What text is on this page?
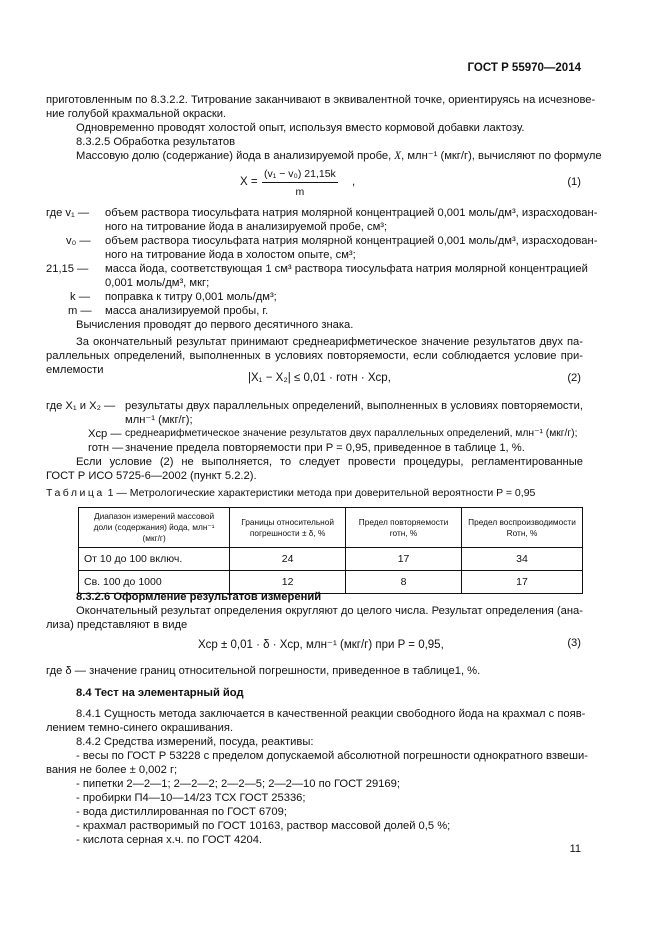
ГОСТ Р 55970—2014
приготовленным по 8.3.2.2. Титрование заканчивают в эквивалентной точке, ориентируясь на исчезнове-
ние голубой крахмальной окраски.
Одновременно проводят холостой опыт, используя вместо кормовой добавки лактозу.
8.3.2.5 Обработка результатов
Массовую долю (содержание) йода в анализируемой пробе, X, млн⁻¹ (мкг/г), вычисляют по формуле
$X = \frac{\text{(v₁ − v₀) 21,15k}}{m}$ ,	(1)
где v₁ — объем раствора тиосульфата натрия молярной концентрацией 0,001 моль/дм³, израсходован-
ного на титрование йода в анализируемой пробе, см³;
v₀ — объем раствора тиосульфата натрия молярной концентрацией 0,001 моль/дм³, израсходован-
ного на титрование йода в холостом опыте, см³;
21,15 — масса йода, соответствующая 1 см³ раствора тиосульфата натрия молярной концентрацией
0,001 моль/дм³, мкг;
k — поправка к титру 0,001 моль/дм³;
m — масса анализируемой пробы, г.
Вычисления проводят до первого десятичного знака.
За окончательный результат принимают среднеарифметическое значение результатов двух па-
раллельных определений, выполненных в условиях повторяемости, если соблюдается условие при-
емлемости
|X₁ − X₂| ≤ 0,01 · rотн · Xср,	(2)
где X₁ и X₂ — результаты двух параллельных определений, выполненных в условиях повторяемости,
млн⁻¹ (мкг/г);
Xср — среднеарифметическое значение результатов двух параллельных определений, млн⁻¹ (мкг/г);
rотн — значение предела повторяемости при P = 0,95, приведенное в таблице 1, %.
Если условие (2) не выполняется, то следует провести процедуры, регламентированные
ГОСТ Р ИСО 5725-6—2002 (пункт 5.2.2).
Таблица 1 — Метрологические характеристики метода при доверительной вероятности P = 0,95
Диапазон измерений массовой доли (содержания) йода, млн⁻¹ (мкг/г)	Границы относительной погрешности ± δ, %	Предел повторяемости rотн, %	Предел воспроизводимости Rотн, %
От 10 до 100 включ.	24	17	34
Св. 100 до 1000	12	8	17
8.3.2.6 Оформление результатов измерений
Окончательный результат определения округляют до целого числа. Результат определения (ана-
лиза) представляют в виде
Xср ± 0,01 · δ · Xср, млн⁻¹ (мкг/г) при P = 0,95,	(3)
где δ — значение границ относительной погрешности, приведенное в таблице1, %.
8.4 Тест на элементарный йод
8.4.1 Сущность метода заключается в качественной реакции свободного йода на крахмал с появ-
лением темно-синего окрашивания.
8.4.2 Средства измерений, посуда, реактивы:
- весы по ГОСТ Р 53228 с пределом допускаемой абсолютной погрешности однократного взвеши-
вания не более ± 0,002 г;
- пипетки 2—2—1; 2—2—2; 2—2—5; 2—2—10 по ГОСТ 29169;
- пробирки П4—10—14/23 ТСХ ГОСТ 25336;
- вода дистиллированная по ГОСТ 6709;
- крахмал растворимый по ГОСТ 10163, раствор массовой долей 0,5 %;
- кислота серная х.ч. по ГОСТ 4204.
11
